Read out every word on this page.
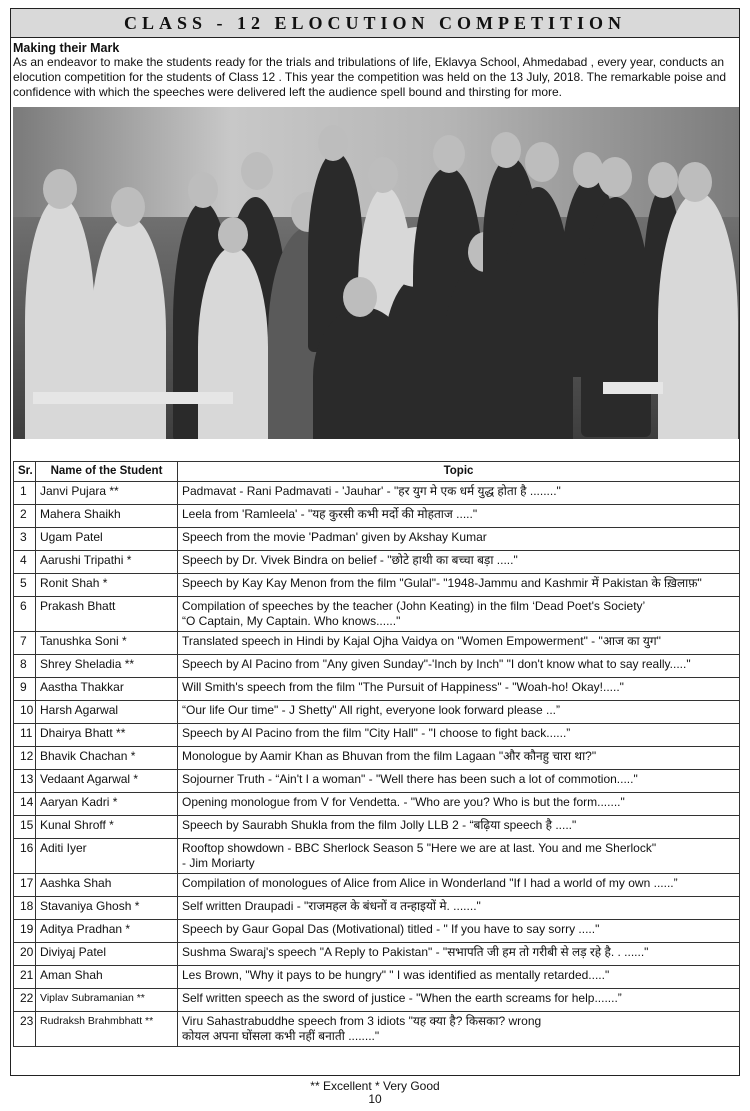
CLASS - 12 ELOCUTION COMPETITION
Making their Mark
As an endeavor to make the students ready for the trials and tribulations of life, Eklavya School, Ahmedabad , every year, conducts an elocution competition for the students of Class 12 . This year the competition was held on the 13 July, 2018. The remarkable poise and confidence with which the speeches were delivered left the audience spell bound and thirsting for more.
Sr.	Name of the Student	Topic
1	Janvi Pujara **	Padmavat - Rani Padmavati - 'Jauhar' - "हर युग मे एक धर्म युद्ध होता है ........"
2	Mahera Shaikh	Leela from 'Ramleela' - "यह कुरसी कभी मर्दो की मोहताज ....."
3	Ugam Patel	Speech from the movie 'Padman' given by Akshay Kumar
4	Aarushi Tripathi *	Speech by Dr. Vivek Bindra on belief - "छोटे हाथी का बच्चा बड़ा ....."
5	Ronit Shah *	Speech by Kay Kay Menon from the film "Gulal"- "1948-Jammu and Kashmir में Pakistan के ख़िलाफ़"
6	Prakash Bhatt	Compilation of speeches by the teacher (John Keating) in the film ‘Dead Poet's Society’
“O Captain, My Captain. Who knows......"

7	Tanushka Soni *	Translated speech in Hindi by Kajal Ojha Vaidya on "Women Empowerment" - "आज का युग"
8	Shrey Sheladia **	Speech by Al Pacino from "Any given Sunday"-'Inch by Inch" "I don't know what to say really....."
9	Aastha Thakkar	Will Smith's speech from the film "The Pursuit of Happiness" - "Woah-ho! Okay!....."
10	Harsh Agarwal	“Our life Our time" - J Shetty" All right, everyone look forward please ...”
11	Dhairya Bhatt **	Speech by Al Pacino from the film "City Hall" - "I choose to fight back......”
12	Bhavik Chachan *	Monologue by Aamir Khan as Bhuvan from the film Lagaan "और कौनहु चारा था?"
13	Vedaant Agarwal *	Sojourner Truth - “Ain't I a woman" - "Well there has been such a lot of commotion....."
14	Aaryan Kadri *	Opening monologue from V for Vendetta. - "Who are you? Who is but the form......."
15	Kunal Shroff *	Speech by Saurabh Shukla from the film Jolly LLB 2 - “बढ़िया speech है ....."
16	Aditi Iyer	Rooftop showdown - BBC Sherlock Season 5 "Here we are at last. You and me Sherlock"
- Jim Moriarty

17	Aashka Shah	Compilation of monologues of Alice from Alice in Wonderland "If I had a world of my own ......”
18	Stavaniya Ghosh *	Self written Draupadi - "राजमहल के बंधनों व तन्हाइयों मे. ......."
19	Aditya Pradhan *	Speech by Gaur Gopal Das (Motivational) titled - " If you have to say sorry ....."
20	Diviyaj Patel	Sushma Swaraj's speech "A Reply to Pakistan" - "सभापति जी हम तो गरीबी से लड़ रहे है. . ......"
21	Aman Shah	Les Brown, "Why it pays to be hungry" " I was identified as mentally retarded....."
22	Viplav Subramanian **	Self written speech as the sword of justice - "When the earth screams for help.......”
23	Rudraksh Brahmbhatt **	Viru Sahastrabuddhe speech from 3 idiots "यह क्या है? किसका? wrong
कोयल अपना घोंसला कभी नहीं बनाती ........"
** Excellent * Very Good
10
